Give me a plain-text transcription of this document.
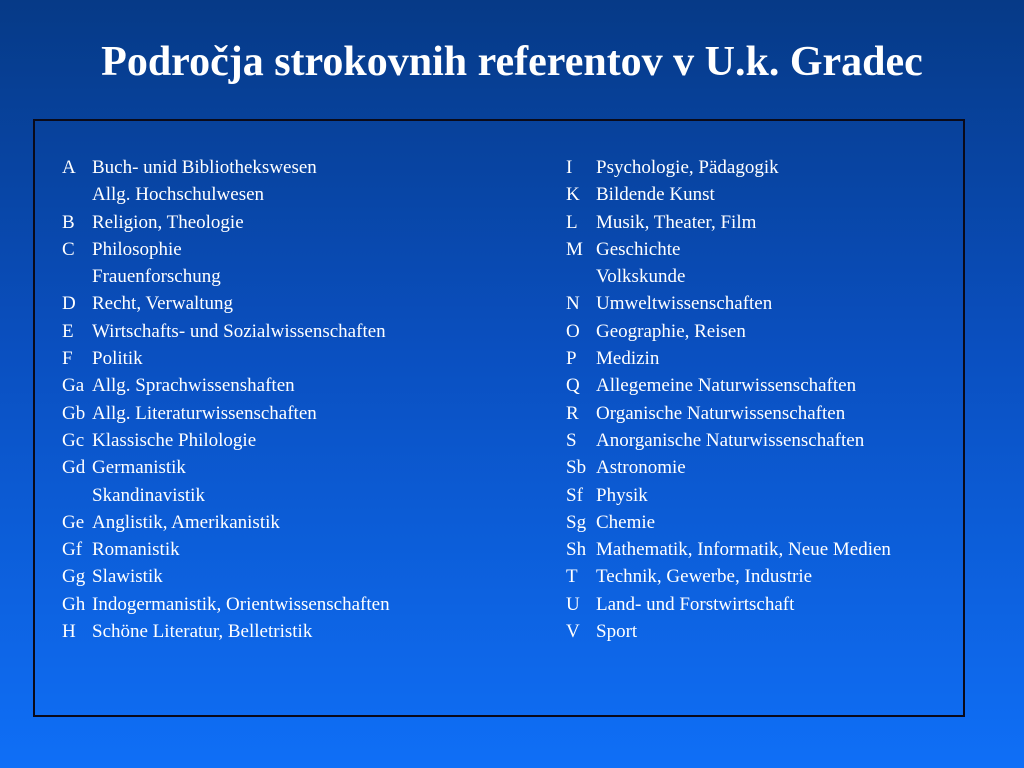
Področja strokovnih referentov v U.k. Gradec
A Buch- unid Bibliothekswesen
Allg. Hochschulwesen
B Religion, Theologie
C Philosophie
Frauenforschung
D Recht, Verwaltung
E Wirtschafts- und Sozialwissenschaften
F Politik
Ga Allg. Sprachwissenshaften
Gb Allg. Literaturwissenschaften
Gc Klassische Philologie
Gd Germanistik
Skandinavistik
Ge Anglistik, Amerikanistik
Gf Romanistik
Gg Slawistik
Gh Indogermanistik, Orientwissenschaften
H Schöne Literatur, Belletristik
I Psychologie, Pädagogik
K Bildende Kunst
L Musik, Theater, Film
M Geschichte
Volkskunde
N Umweltwissenschaften
O Geographie, Reisen
P Medizin
Q Allegemeine Naturwissenschaften
R Organische Naturwissenschaften
S Anorganische Naturwissenschaften
Sb Astronomie
Sf Physik
Sg Chemie
Sh Mathematik, Informatik, Neue Medien
T Technik, Gewerbe, Industrie
U Land- und Forstwirtschaft
V Sport
